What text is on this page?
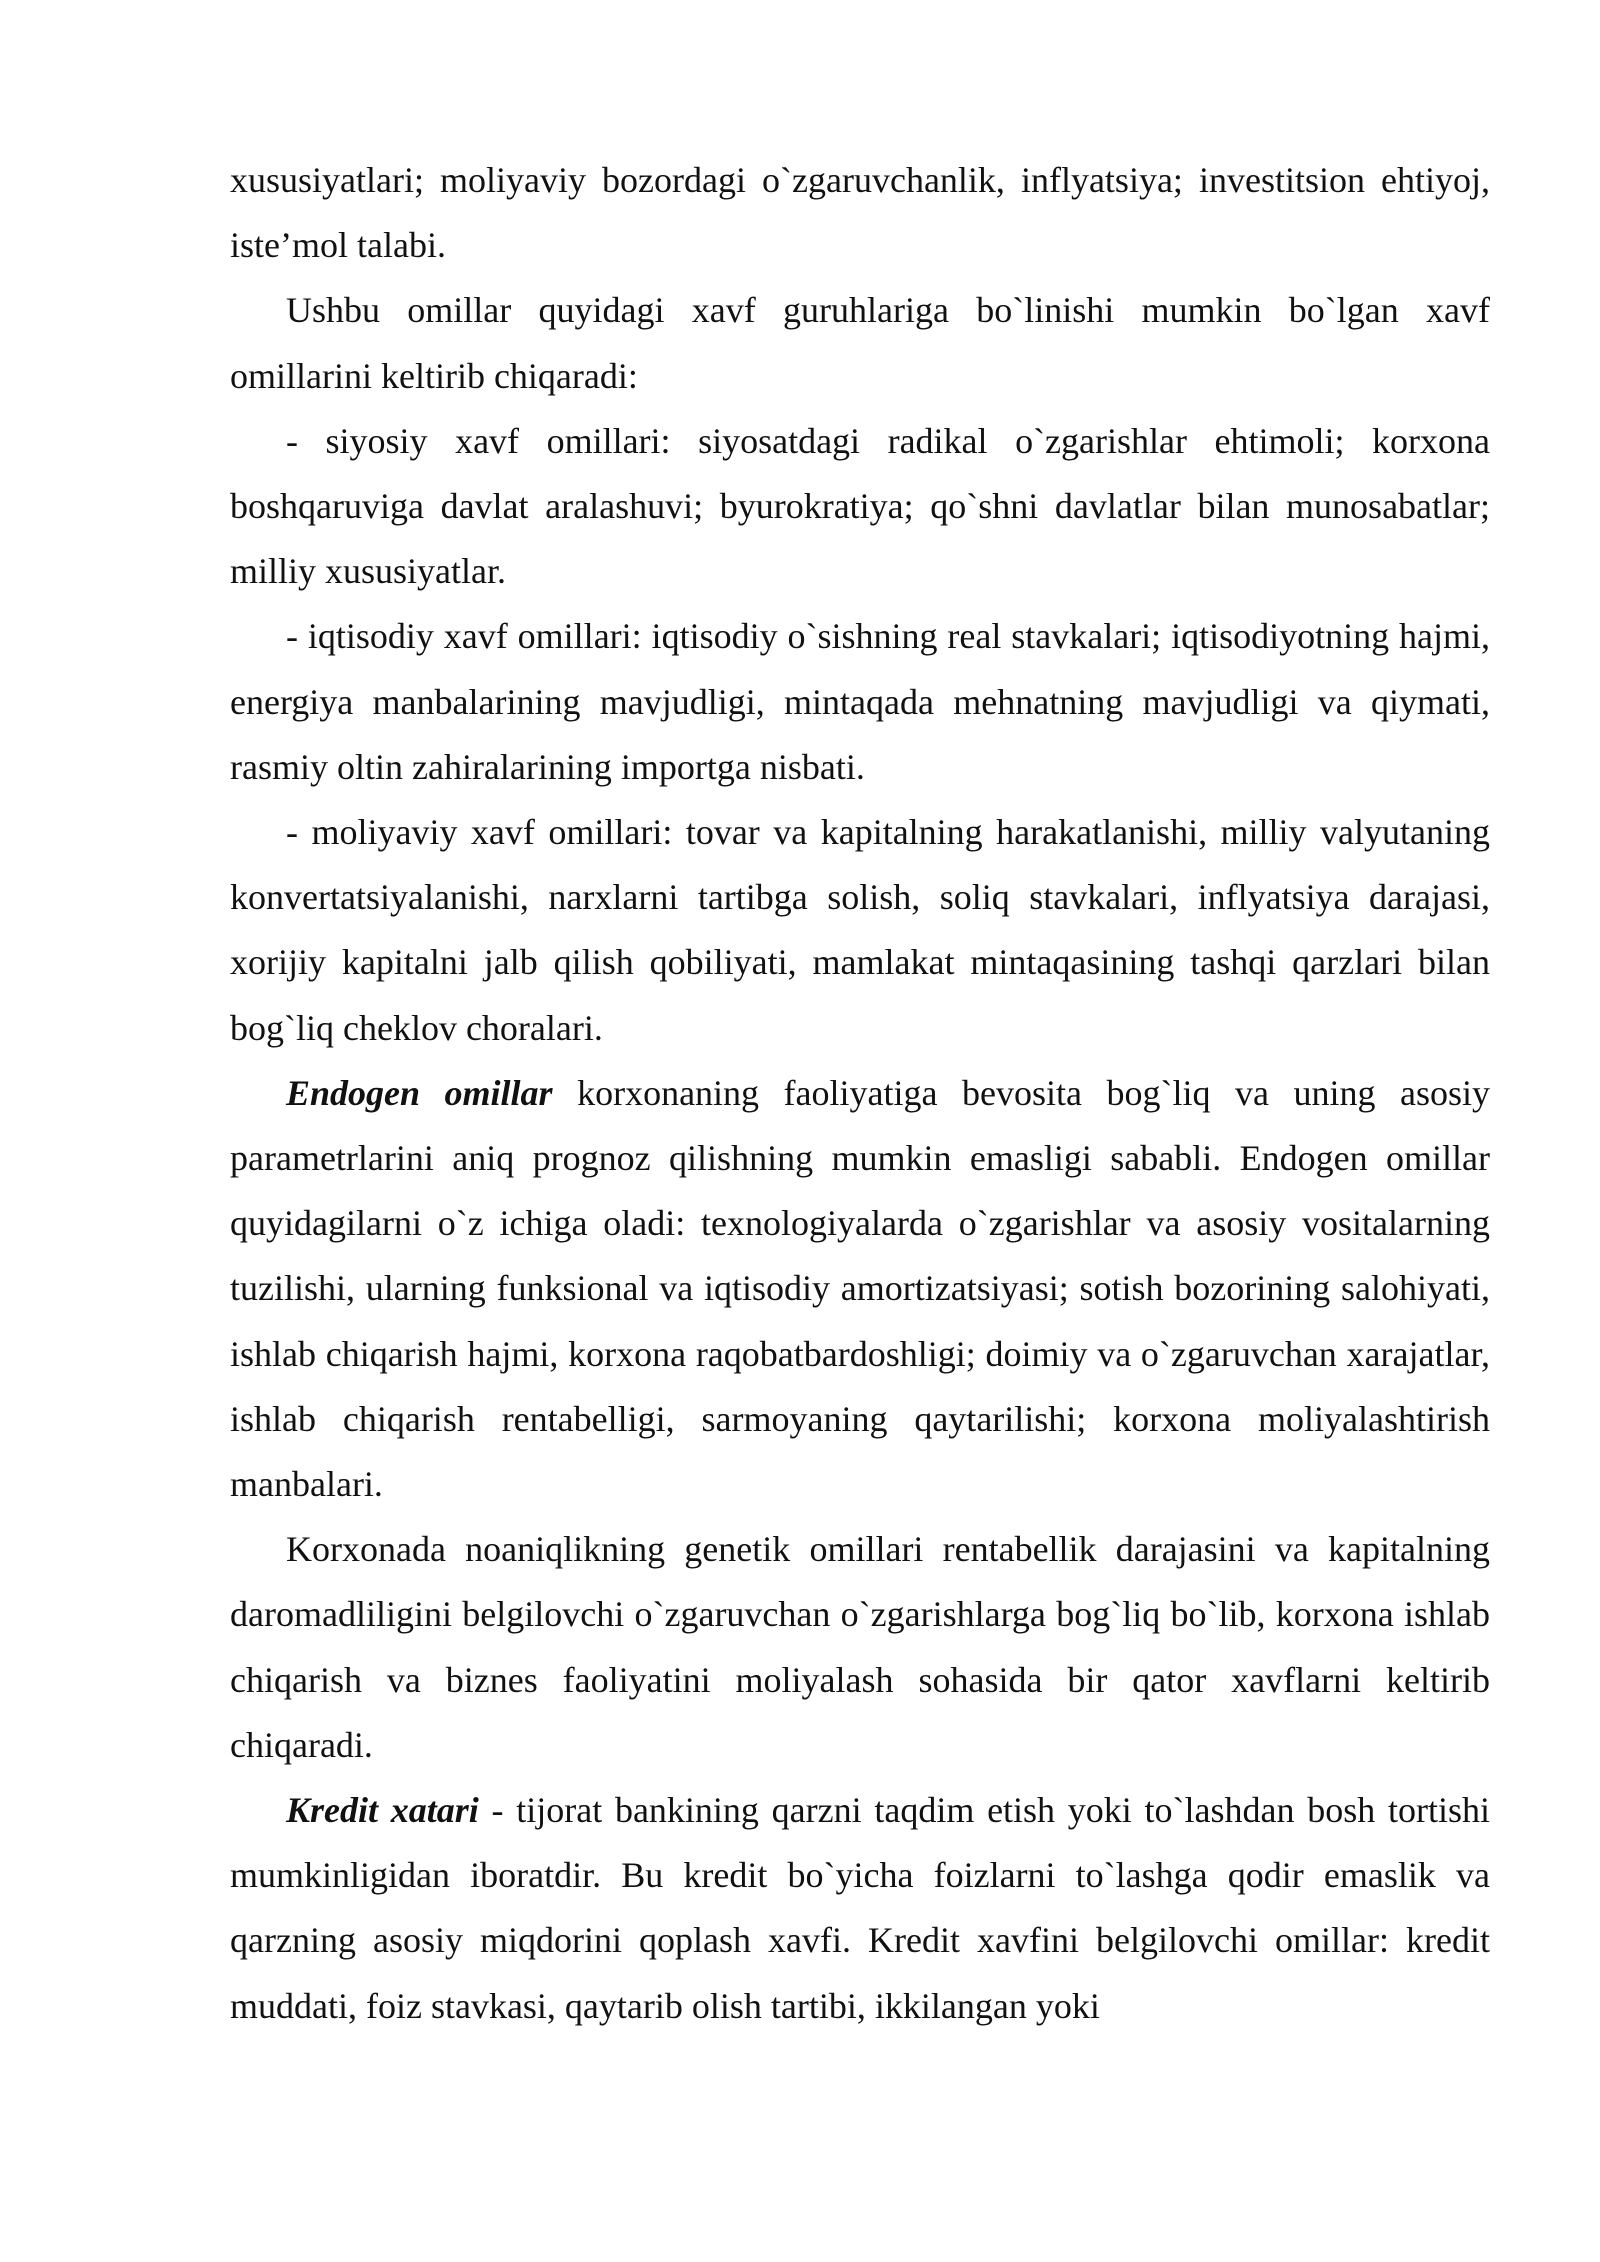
xususiyatlari; moliyaviy bozordagi o`zgaruvchanlik, inflyatsiya; investitsion ehtiyoj, iste’mol talabi.

Ushbu omillar quyidagi xavf guruhlariga bo`linishi mumkin bo`lgan xavf omillarini keltirib chiqaradi:

- siyosiy xavf omillari: siyosatdagi radikal o`zgarishlar ehtimoli; korxona boshqaruviga davlat aralashuvi; byurokratiya; qo`shni davlatlar bilan munosabatlar; milliy xususiyatlar.

- iqtisodiy xavf omillari: iqtisodiy o`sishning real stavkalari; iqtisodiyotning hajmi, energiya manbalarining mavjudligi, mintaqada mehnatning mavjudligi va qiymati, rasmiy oltin zahiralarining importga nisbati.

- moliyaviy xavf omillari: tovar va kapitalning harakatlanishi, milliy valyutaning konvertatsiyalanishi, narxlarni tartibga solish, soliq stavkalari, inflyatsiya darajasi, xorijiy kapitalni jalb qilish qobiliyati, mamlakat mintaqasining tashqi qarzlari bilan bog`liq cheklov choralari.

Endogen omillar korxonaning faoliyatiga bevosita bog`liq va uning asosiy parametrlarini aniq prognoz qilishning mumkin emasligi sababli. Endogen omillar quyidagilarni o`z ichiga oladi: texnologiyalarda o`zgarishlar va asosiy vositalarning tuzilishi, ularning funksional va iqtisodiy amortizatsiyasi; sotish bozorining salohiyati, ishlab chiqarish hajmi, korxona raqobatbardoshligi; doimiy va o`zgaruvchan xarajatlar, ishlab chiqarish rentabelligi, sarmoyaning qaytarilishi; korxona moliyalashtirish manbalari.

Korxonada noaniqlikning genetik omillari rentabellik darajasini va kapitalning daromadliligini belgilovchi o`zgaruvchan o`zgarishlarga bog`liq bo`lib, korxona ishlab chiqarish va biznes faoliyatini moliyalash sohasida bir qator xavflarni keltirib chiqaradi.

Kredit xatari - tijorat bankining qarzni taqdim etish yoki to`lashdan bosh tortishi mumkinligidan iboratdir. Bu kredit bo`yicha foizlarni to`lashga qodir emaslik va qarzning asosiy miqdorini qoplash xavfi. Kredit xavfini belgilovchi omillar: kredit muddati, foiz stavkasi, qaytarib olish tartibi, ikkilangan yoki
